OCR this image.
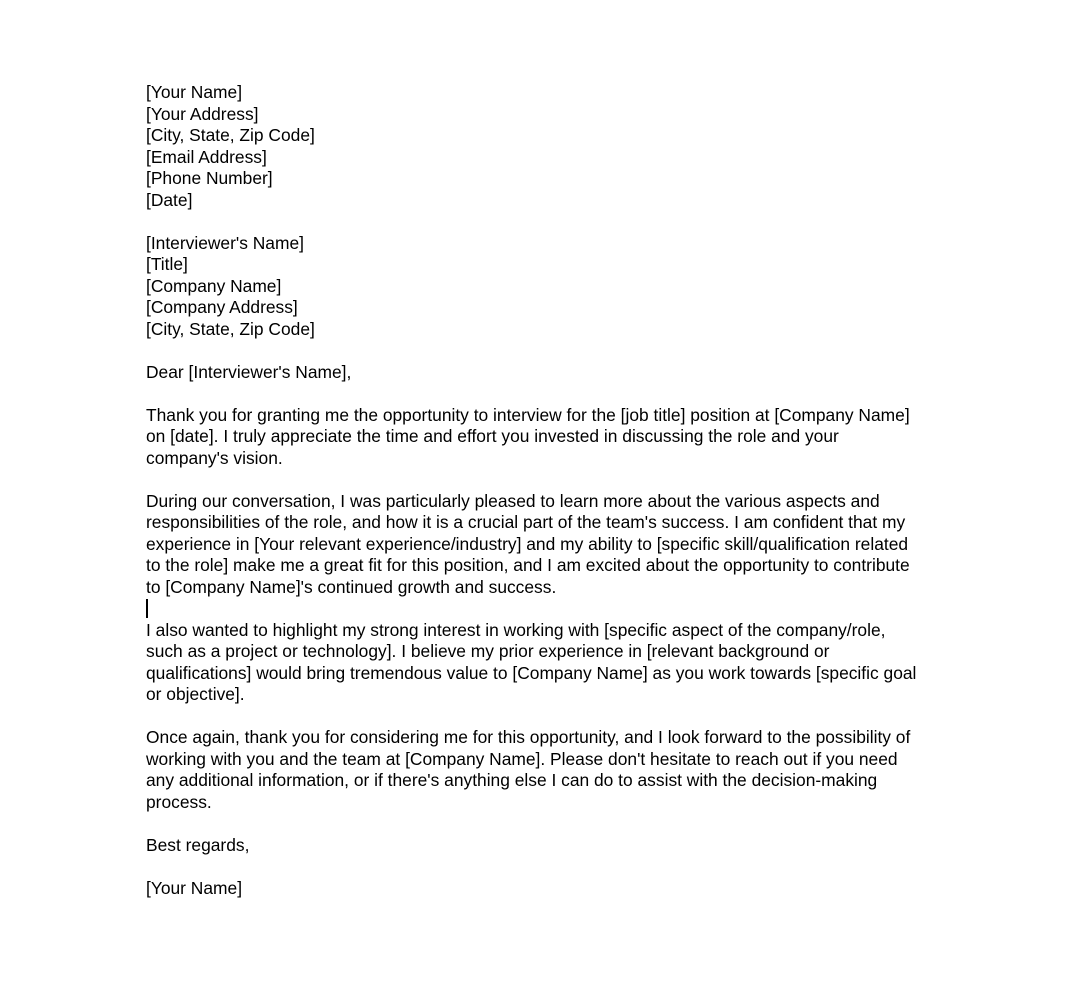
[Your Name]
[Your Address]
[City, State, Zip Code]
[Email Address]
[Phone Number]
[Date]
[Interviewer's Name]
[Title]
[Company Name]
[Company Address]
[City, State, Zip Code]
Dear [Interviewer's Name],

Thank you for granting me the opportunity to interview for the [job title] position at [Company Name] on [date]. I truly appreciate the time and effort you invested in discussing the role and your company's vision.

During our conversation, I was particularly pleased to learn more about the various aspects and responsibilities of the role, and how it is a crucial part of the team's success. I am confident that my experience in [Your relevant experience/industry] and my ability to [specific skill/qualification related to the role] make me a great fit for this position, and I am excited about the opportunity to contribute to [Company Name]'s continued growth and success.

I also wanted to highlight my strong interest in working with [specific aspect of the company/role, such as a project or technology]. I believe my prior experience in [relevant background or qualifications] would bring tremendous value to [Company Name] as you work towards [specific goal or objective].

Once again, thank you for considering me for this opportunity, and I look forward to the possibility of working with you and the team at [Company Name]. Please don't hesitate to reach out if you need any additional information, or if there's anything else I can do to assist with the decision-making process.

Best regards,
[Your Name]
